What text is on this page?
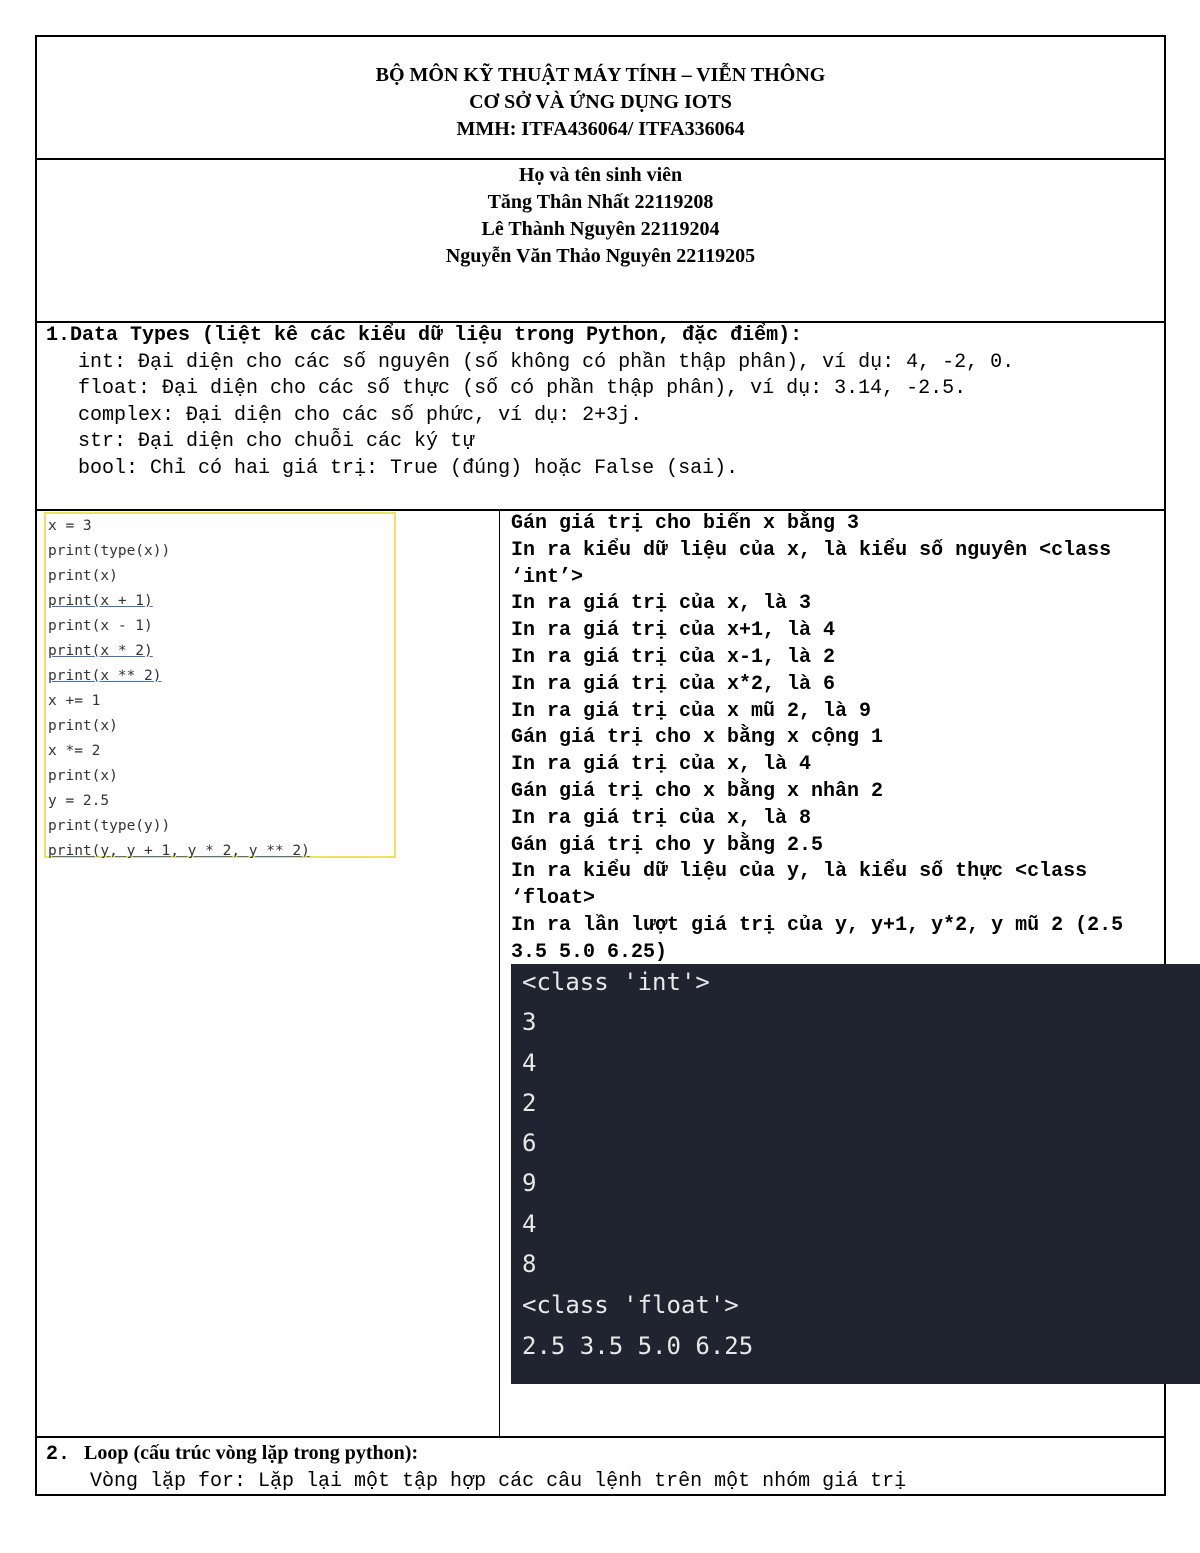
BỘ MÔN KỸ THUẬT MÁY TÍNH – VIỄN THÔNG
CƠ SỞ VÀ ỨNG DỤNG IOTS
MMH: ITFA436064/ ITFA336064
Họ và tên sinh viên
Tăng Thân Nhất 22119208
Lê Thành Nguyên 22119204
Nguyễn Văn Thảo Nguyên 22119205
1.Data Types (liệt kê các kiểu dữ liệu trong Python, đặc điểm):
int: Đại diện cho các số nguyên (số không có phần thập phân), ví dụ: 4, -2, 0.
float: Đại diện cho các số thực (số có phần thập phân), ví dụ: 3.14, -2.5.
complex: Đại diện cho các số phức, ví dụ: 2+3j.
str: Đại diện cho chuỗi các ký tự
bool: Chỉ có hai giá trị: True (đúng) hoặc False (sai).
x = 3
print(type(x))
print(x)
print(x + 1)
print(x - 1)
print(x * 2)
print(x ** 2)
x += 1
print(x)
x *= 2
print(x)
y = 2.5
print(type(y))
print(y, y + 1, y * 2, y ** 2)
Gán giá trị cho biến x bằng 3
In ra kiểu dữ liệu của x, là kiểu số nguyên <class ‘int’>
In ra giá trị của x, là 3
In ra giá trị của x+1, là 4
In ra giá trị của x-1, là 2
In ra giá trị của x*2, là 6
In ra giá trị của x mũ 2, là 9
Gán giá trị cho x bằng x cộng 1
In ra giá trị của x, là 4
Gán giá trị cho x bằng x nhân 2
In ra giá trị của x, là 8
Gán giá trị cho y bằng 2.5
In ra kiểu dữ liệu của y, là kiểu số thực <class ‘float>
In ra lần lượt giá trị của y, y+1, y*2, y mũ 2 (2.5 3.5 5.0 6.25)
<class 'int'>
3
4
2
6
9
4
8
<class 'float'>
2.5 3.5 5.0 6.25
2. Loop (cấu trúc vòng lặp trong python):
Vòng lặp for: Lặp lại một tập hợp các câu lệnh trên một nhóm giá trị
